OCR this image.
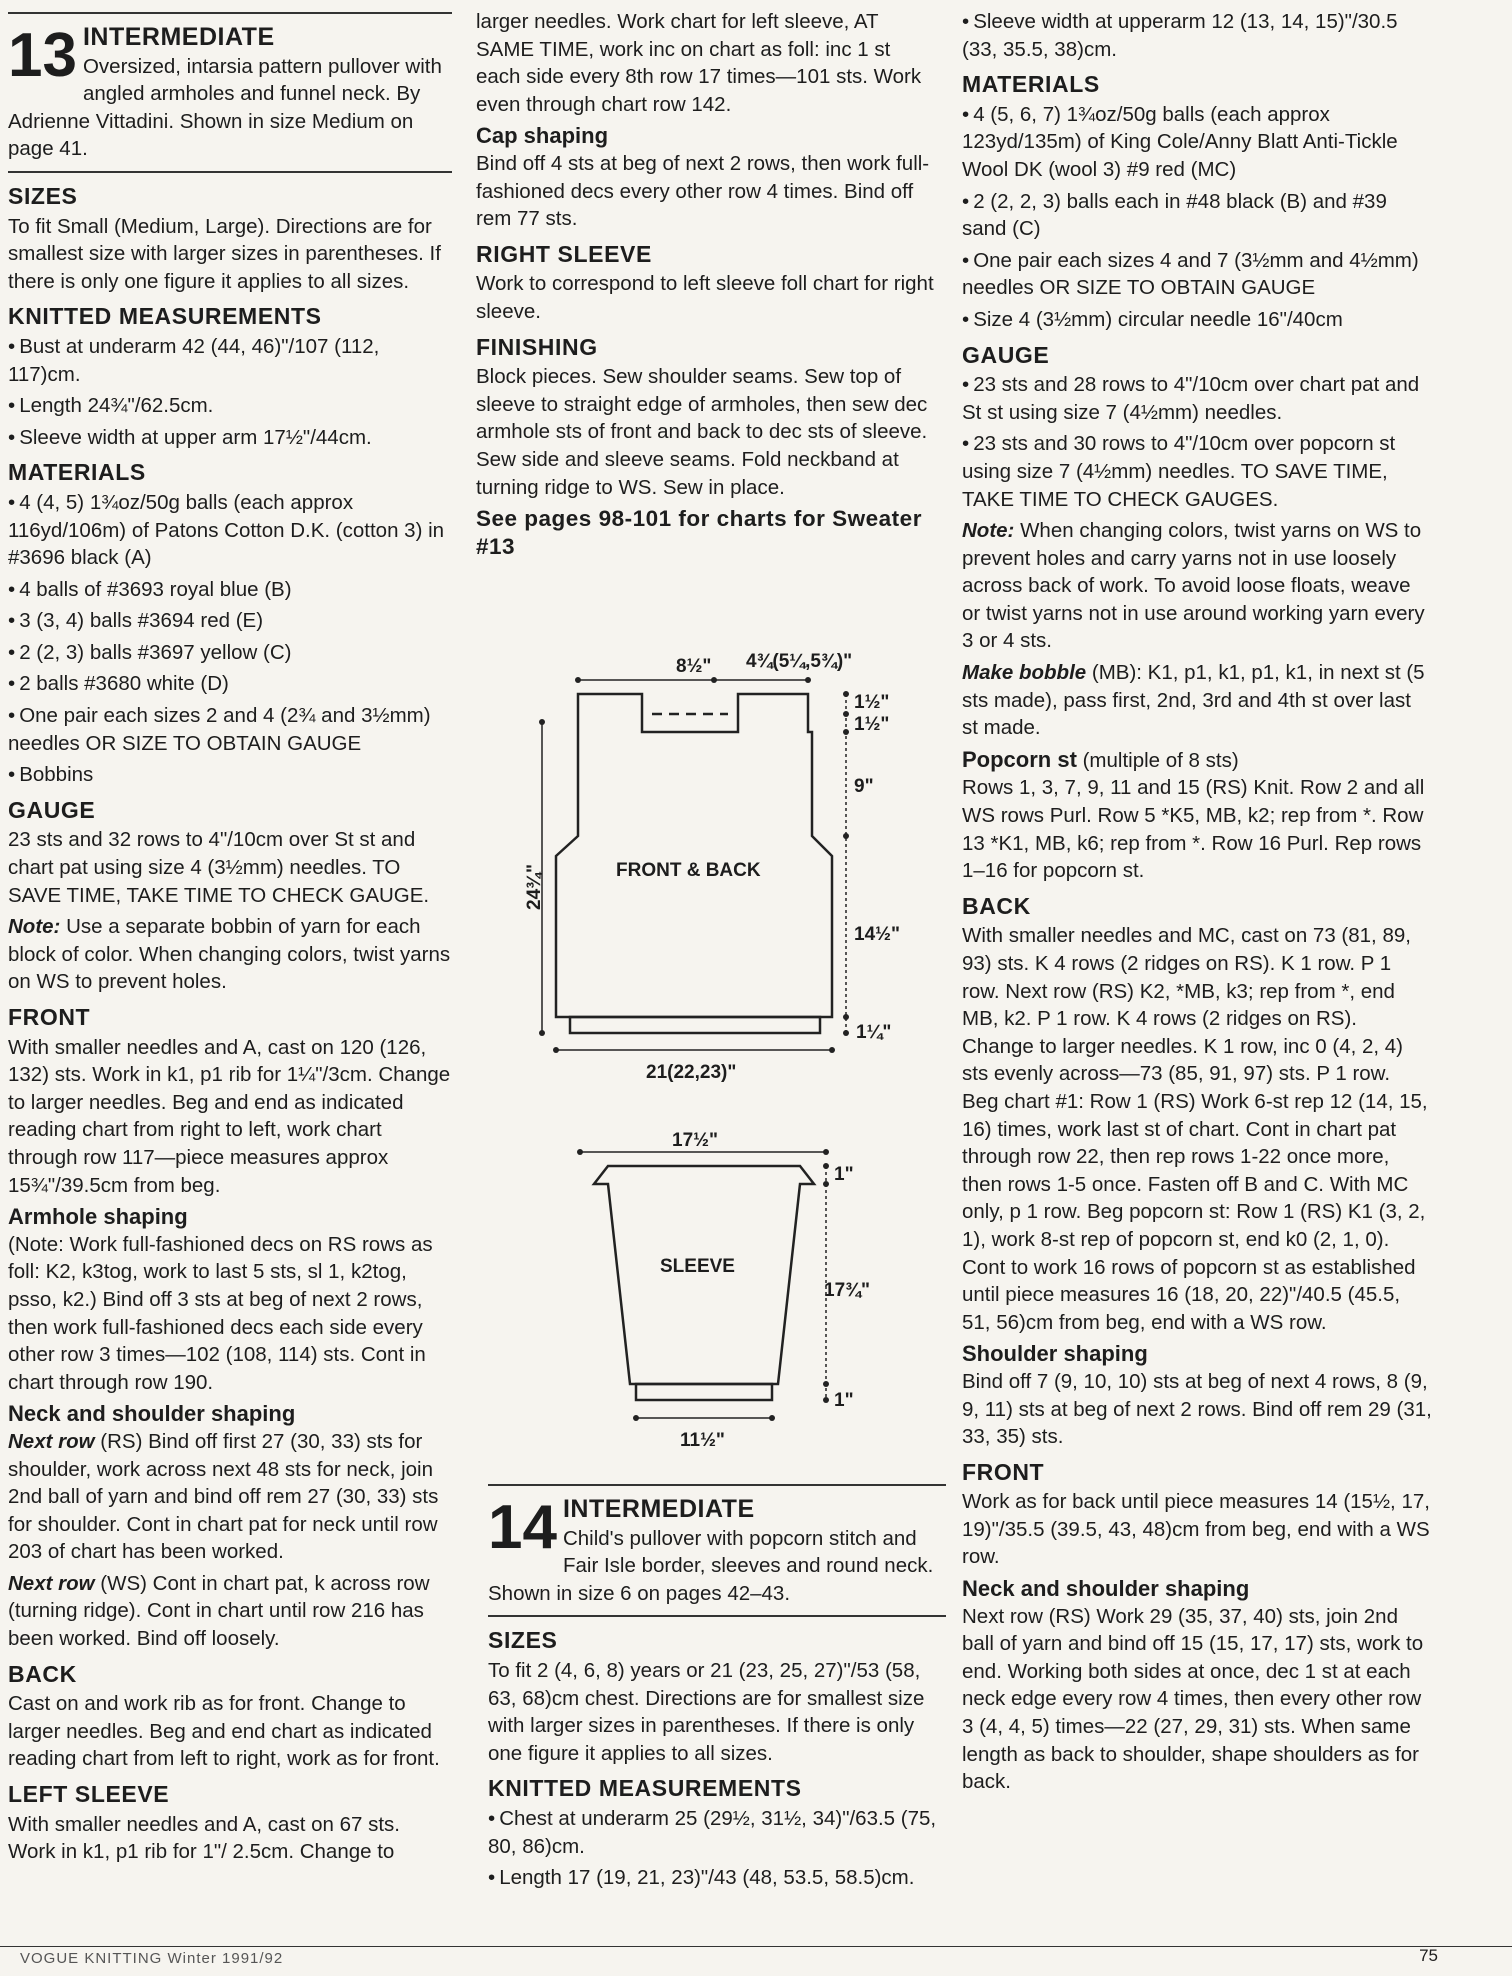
13 INTERMEDIATE
Oversized, intarsia pattern pullover with angled armholes and funnel neck. By Adrienne Vittadini. Shown in size Medium on page 41.

SIZES

To fit Small (Medium, Large). Directions are for smallest size with larger sizes in parentheses. If there is only one figure it applies to all sizes.

KNITTED MEASUREMENTS

• Bust at underarm 42 (44, 46)"/107 (112, 117)cm.

• Length 24¾"/62.5cm.

• Sleeve width at upper arm 17½"/44cm.

MATERIALS

• 4 (4, 5) 1¾oz/50g balls (each approx 116yd/106m) of Patons Cotton D.K. (cotton 3) in #3696 black (A)

• 4 balls of #3693 royal blue (B)

• 3 (3, 4) balls #3694 red (E)

• 2 (2, 3) balls #3697 yellow (C)

• 2 balls #3680 white (D)

• One pair each sizes 2 and 4 (2¾ and 3½mm) needles OR SIZE TO OBTAIN GAUGE

• Bobbins

GAUGE

23 sts and 32 rows to 4"/10cm over St st and chart pat using size 4 (3½mm) needles. TO SAVE TIME, TAKE TIME TO CHECK GAUGE.

Note: Use a separate bobbin of yarn for each block of color. When changing colors, twist yarns on WS to prevent holes.

FRONT

With smaller needles and A, cast on 120 (126, 132) sts. Work in k1, p1 rib for 1¼"/3cm. Change to larger needles. Beg and end as indicated reading chart from right to left, work chart through row 117—piece measures approx 15¾"/39.5cm from beg.

Armhole shaping

(Note: Work full-fashioned decs on RS rows as foll: K2, k3tog, work to last 5 sts, sl 1, k2tog, psso, k2.) Bind off 3 sts at beg of next 2 rows, then work full-fashioned decs each side every other row 3 times—102 (108, 114) sts. Cont in chart through row 190.

Neck and shoulder shaping

Next row (RS) Bind off first 27 (30, 33) sts for shoulder, work across next 48 sts for neck, join 2nd ball of yarn and bind off rem 27 (30, 33) sts for shoulder. Cont in chart pat for neck until row 203 of chart has been worked.

Next row (WS) Cont in chart pat, k across row (turning ridge). Cont in chart until row 216 has been worked. Bind off loosely.

BACK

Cast on and work rib as for front. Change to larger needles. Beg and end chart as indicated reading chart from left to right, work as for front.

LEFT SLEEVE

With smaller needles and A, cast on 67 sts. Work in k1, p1 rib for 1"/ 2.5cm. Change to

larger needles. Work chart for left sleeve, AT SAME TIME, work inc on chart as foll: inc 1 st each side every 8th row 17 times—101 sts. Work even through chart row 142.

Cap shaping

Bind off 4 sts at beg of next 2 rows, then work full-fashioned decs every other row 4 times. Bind off rem 77 sts.

RIGHT SLEEVE

Work to correspond to left sleeve foll chart for right sleeve.

FINISHING

Block pieces. Sew shoulder seams. Sew top of sleeve to straight edge of armholes, then sew dec armhole sts of front and back to dec sts of sleeve. Sew side and sleeve seams. Fold neckband at turning ridge to WS. Sew in place.

See pages 98-101 for charts for Sweater #13

14 INTERMEDIATE
Child's pullover with popcorn stitch and Fair Isle border, sleeves and round neck. Shown in size 6 on pages 42–43.

SIZES

To fit 2 (4, 6, 8) years or 21 (23, 25, 27)"/53 (58, 63, 68)cm chest. Directions are for smallest size with larger sizes in parentheses. If there is only one figure it applies to all sizes.

KNITTED MEASUREMENTS

• Chest at underarm 25 (29½, 31½, 34)"/63.5 (75, 80, 86)cm.

• Length 17 (19, 21, 23)"/43 (48, 53.5, 58.5)cm.

• Sleeve width at upperarm 12 (13, 14, 15)"/30.5 (33, 35.5, 38)cm.

MATERIALS

• 4 (5, 6, 7) 1¾oz/50g balls (each approx 123yd/135m) of King Cole/Anny Blatt Anti-Tickle Wool DK (wool 3) #9 red (MC)

• 2 (2, 2, 3) balls each in #48 black (B) and #39 sand (C)

• One pair each sizes 4 and 7 (3½mm and 4½mm) needles OR SIZE TO OBTAIN GAUGE

• Size 4 (3½mm) circular needle 16"/40cm

GAUGE

• 23 sts and 28 rows to 4"/10cm over chart pat and St st using size 7 (4½mm) needles.

• 23 sts and 30 rows to 4"/10cm over popcorn st using size 7 (4½mm) needles. TO SAVE TIME, TAKE TIME TO CHECK GAUGES.

Note: When changing colors, twist yarns on WS to prevent holes and carry yarns not in use loosely across back of work. To avoid loose floats, weave or twist yarns not in use around working yarn every 3 or 4 sts.

Make bobble (MB): K1, p1, k1, p1, k1, in next st (5 sts made), pass first, 2nd, 3rd and 4th st over last st made.

Popcorn st (multiple of 8 sts)

Rows 1, 3, 7, 9, 11 and 15 (RS) Knit. Row 2 and all WS rows Purl. Row 5 *K5, MB, k2; rep from *. Row 13 *K1, MB, k6; rep from *. Row 16 Purl. Rep rows 1–16 for popcorn st.

BACK

With smaller needles and MC, cast on 73 (81, 89, 93) sts. K 4 rows (2 ridges on RS). K 1 row. P 1 row. Next row (RS) K2, *MB, k3; rep from *, end MB, k2. P 1 row. K 4 rows (2 ridges on RS). Change to larger needles. K 1 row, inc 0 (4, 2, 4) sts evenly across—73 (85, 91, 97) sts. P 1 row. Beg chart #1: Row 1 (RS) Work 6-st rep 12 (14, 15, 16) times, work last st of chart. Cont in chart pat through row 22, then rep rows 1-22 once more, then rows 1-5 once. Fasten off B and C. With MC only, p 1 row. Beg popcorn st: Row 1 (RS) K1 (3, 2, 1), work 8-st rep of popcorn st, end k0 (2, 1, 0). Cont to work 16 rows of popcorn st as established until piece measures 16 (18, 20, 22)"/40.5 (45.5, 51, 56)cm from beg, end with a WS row.

Shoulder shaping

Bind off 7 (9, 10, 10) sts at beg of next 4 rows, 8 (9, 9, 11) sts at beg of next 2 rows. Bind off rem 29 (31, 33, 35) sts.

FRONT

Work as for back until piece measures 14 (15½, 17, 19)"/35.5 (39.5, 43, 48)cm from beg, end with a WS row.

Neck and shoulder shaping

Next row (RS) Work 29 (35, 37, 40) sts, join 2nd ball of yarn and bind off 15 (15, 17, 17) sts, work to end. Working both sides at once, dec 1 st at each neck edge every row 4 times, then every other row 3 (4, 4, 5) times—22 (27, 29, 31) sts. When same length as back to shoulder, shape shoulders as for back.

FRONT & BACK
8½" 4¾(5¼,5¾)"
1½"
1½"
9"
14½"
1¼"
24¾"
21(22,23)"
SLEEVE
17½"
1"
17¾"
1"
11½"
VOGUE KNITTING Winter 1991/92	75
